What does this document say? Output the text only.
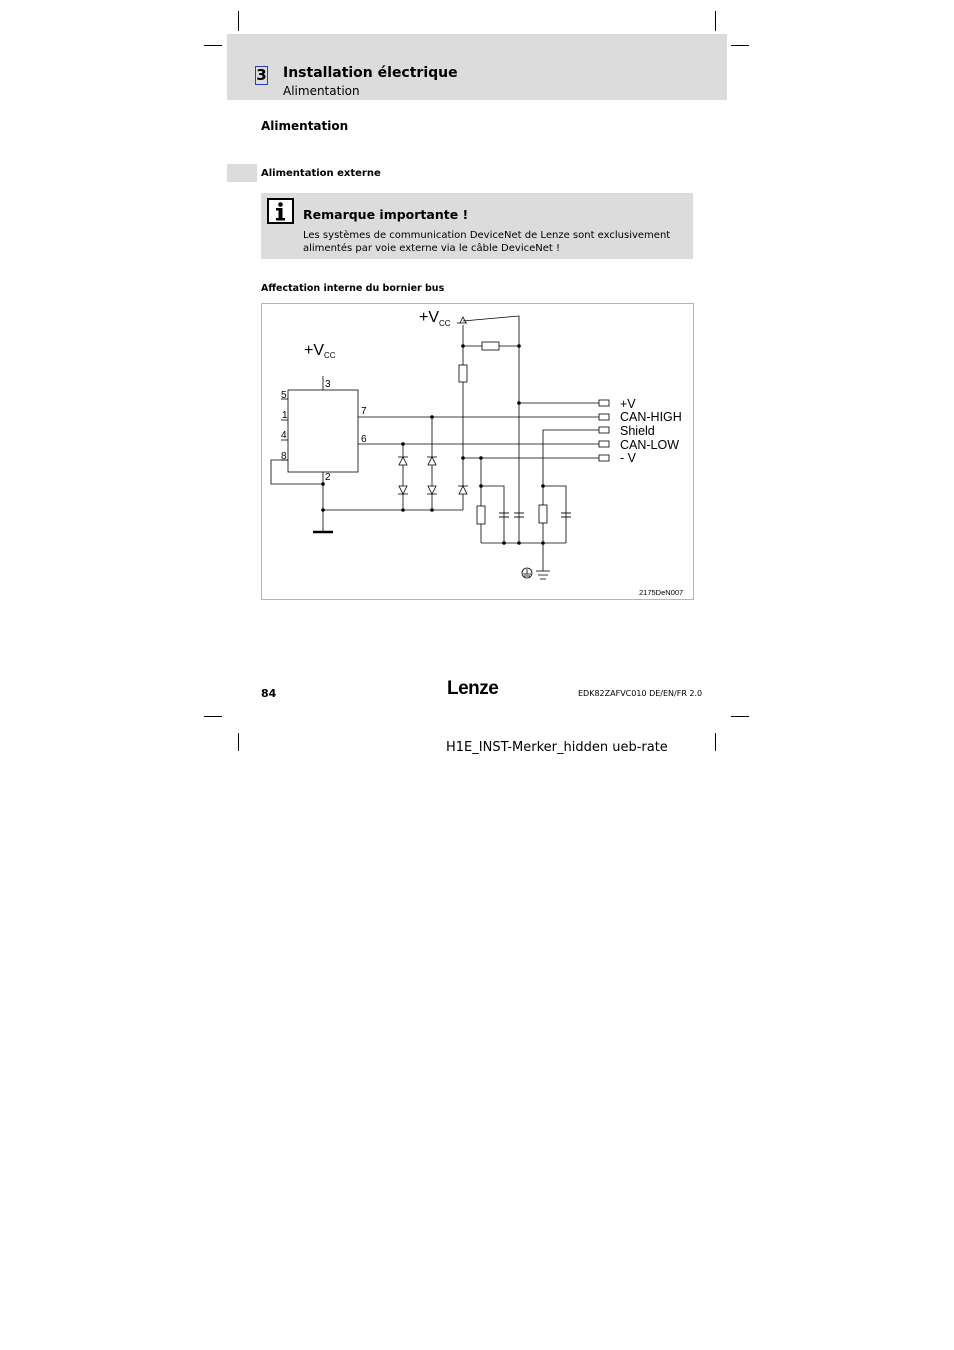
3 Installation électrique
Alimentation
Alimentation
Alimentation externe
Remarque importante !
Les systèmes de communication DeviceNet de Lenze sont exclusivement alimentés par voie externe via le câble DeviceNet !
Affectation interne du bornier bus
+VCC
$+V_{CC}$
3
5
1
4
8
2
7
6
+V
CAN-HIGH
Shield
CAN-LOW
- V
2175DeN007
84	Lenze	EDK82ZAFVC010 DE/EN/FR 2.0
H1E_INST-Merker_hidden ueb-rate
